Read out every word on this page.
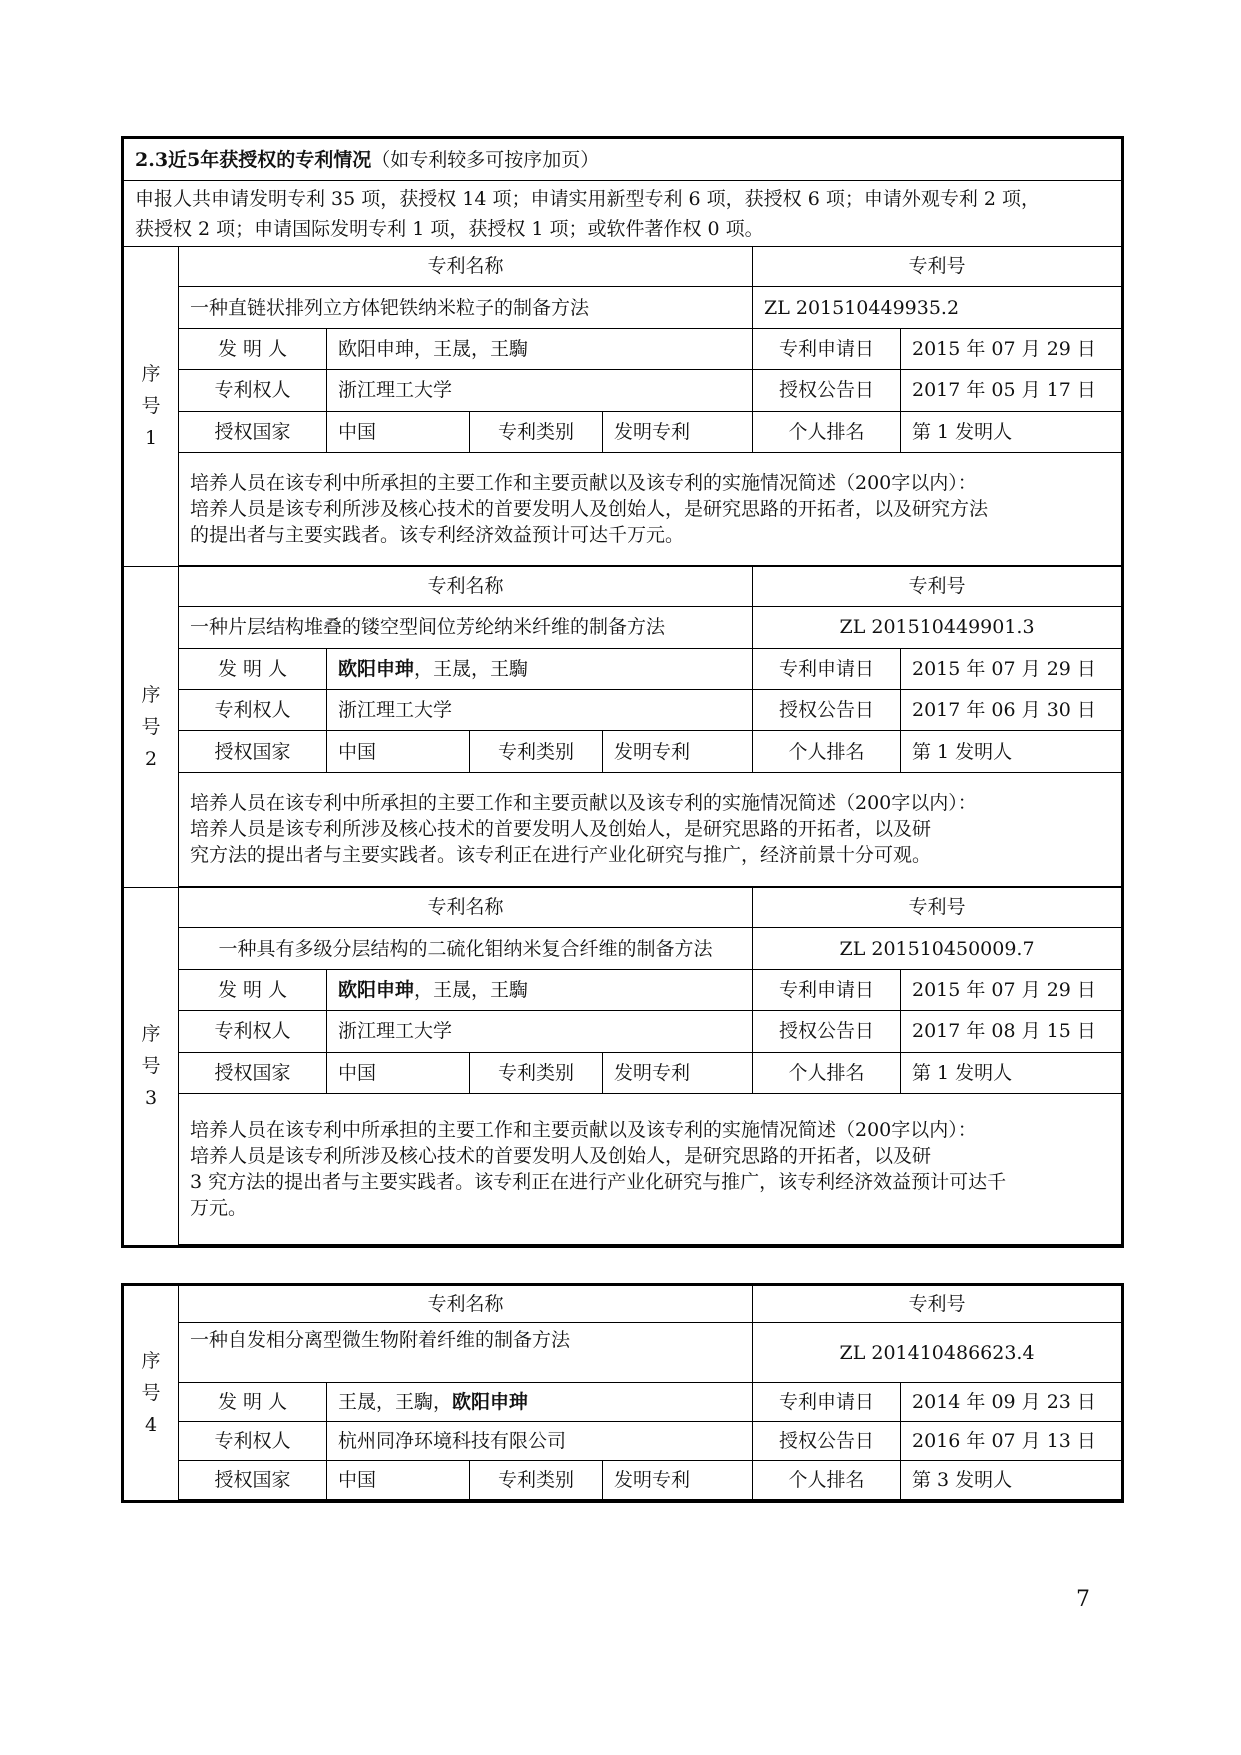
2.3近5年获授权的专利情况（如专利较多可按序加页）						

申报人共申请发明专利 35 项，获授权 14 项；申请实用新型专利 6 项，获授权 6 项；申请外观专利 2 项，
获授权 2 项；申请国际发明专利 1 项，获授权 1 项；或软件著作权 0 项。						

序
号
1	专利名称				专利号	
	一种直链状排列立方体钯铁纳米粒子的制备方法				ZL 201510449935.2	
	发 明 人	欧阳申珅，王晟，王騊			专利申请日	2015 年 07 月 29 日
	专利权人	浙江理工大学			授权公告日	2017 年 05 月 17 日
	授权国家	中国	专利类别	发明专利	个人排名	第 1 发明人

	培养人员在该专利中所承担的主要工作和主要贡献以及该专利的实施情况简述（200字以内）：
培养人员是该专利所涉及核心技术的首要发明人及创始人，是研究思路的开拓者，以及研究方法
的提出者与主要实践者。该专利经济效益预计可达千万元。					

序
号
2	专利名称				专利号	
	一种片层结构堆叠的镂空型间位芳纶纳米纤维的制备方法				ZL 201510449901.3	
	发 明 人	欧阳申珅，王晟，王騊			专利申请日	2015 年 07 月 29 日
	专利权人	浙江理工大学			授权公告日	2017 年 06 月 30 日
	授权国家	中国	专利类别	发明专利	个人排名	第 1 发明人

	培养人员在该专利中所承担的主要工作和主要贡献以及该专利的实施情况简述（200字以内）：
培养人员是该专利所涉及核心技术的首要发明人及创始人，是研究思路的开拓者，以及研
究方法的提出者与主要实践者。该专利正在进行产业化研究与推广，经济前景十分可观。					

序
号
3	专利名称				专利号	
	一种具有多级分层结构的二硫化钼纳米复合纤维的制备方法				ZL 201510450009.7	
	发 明 人	欧阳申珅，王晟，王騊			专利申请日	2015 年 07 月 29 日
	专利权人	浙江理工大学			授权公告日	2017 年 08 月 15 日
	授权国家	中国	专利类别	发明专利	个人排名	第 1 发明人

	培养人员在该专利中所承担的主要工作和主要贡献以及该专利的实施情况简述（200字以内）：
培养人员是该专利所涉及核心技术的首要发明人及创始人，是研究思路的开拓者，以及研
3 究方法的提出者与主要实践者。该专利正在进行产业化研究与推广，该专利经济效益预计可达千
万元。					

序
号
4	专利名称				专利号	
	一种自发相分离型微生物附着纤维的制备方法				ZL 201410486623.4	
	发 明 人	王晟，王騊，欧阳申珅			专利申请日	2014 年 09 月 23 日
	专利权人	杭州同净环境科技有限公司			授权公告日	2016 年 07 月 13 日
	授权国家	中国	专利类别	发明专利	个人排名	第 3 发明人

7
